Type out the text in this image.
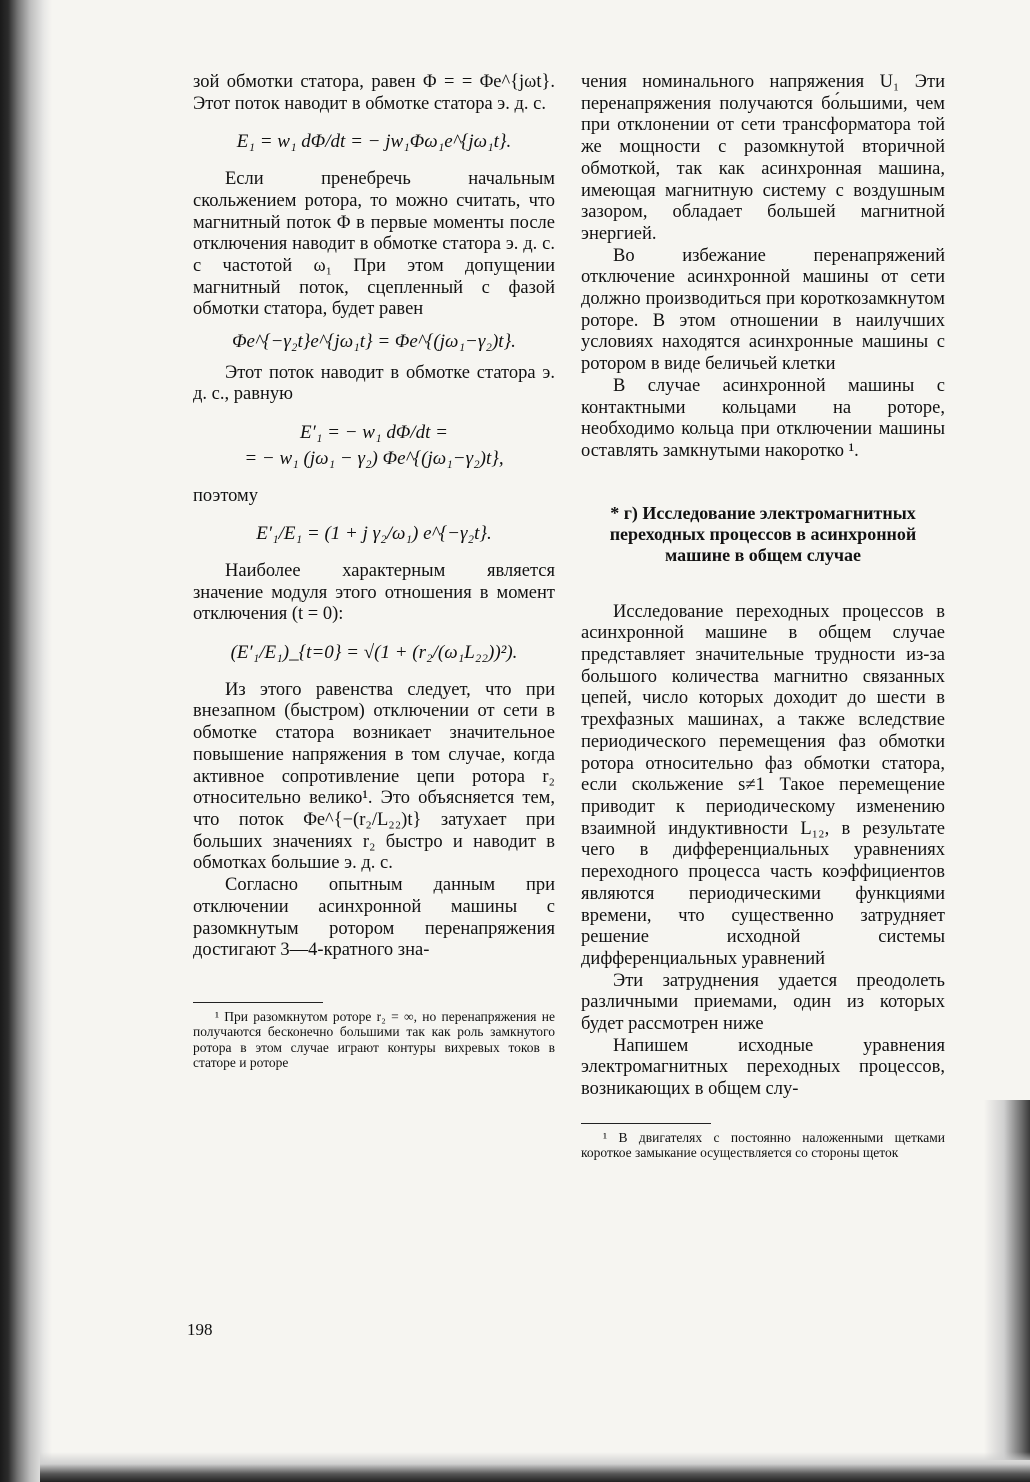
зой обмотки статора, равен Φ = = Φe^{jωt}. Этот поток наводит в обмотке статора э. д. с.

E₁ = w₁ dΦ/dt = − jw₁Φω₁e^{jω₁t}.

Если пренебречь начальным скольжением ротора, то можно считать, что магнитный поток Φ в первые моменты после отключения наводит в обмотке статора э. д. с. с частотой ω₁ При этом допущении магнитный поток, сцепленный с фазой обмотки статора, будет равен

Φe^{−γ₂t}e^{jω₁t} = Φe^{(jω₁−γ₂)t}.

Этот поток наводит в обмотке статора э. д. с., равную

E′₁ = − w₁ dΦ/dt =
= − w₁ (jω₁ − γ₂) Φe^{(jω₁−γ₂)t},

поэтому

E′₁/E₁ = (1 + j γ₂/ω₁) e^{−γ₂t}.

Наиболее характерным является значение модуля этого отношения в момент отключения (t = 0):

(E′₁/E₁)_{t=0} = √(1 + (r₂/(ω₁L₂₂))²).

Из этого равенства следует, что при внезапном (быстром) отключении от сети в обмотке статора возникает значительное повышение напряжения в том случае, когда активное сопротивление цепи ротора r₂ относительно велико¹. Это объясняется тем, что поток Φe^{−(r₂/L₂₂)t} затухает при больших значениях r₂ быстро и наводит в обмотках большие э. д. с.

Согласно опытным данным при отключении асинхронной машины с разомкнутым ротором перенапряжения достигают 3—4-кратного зна-

¹ При разомкнутом роторе r₂ = ∞, но перенапряжения не получаются бесконечно большими так как роль замкнутого ротора в этом случае играют контуры вихревых токов в статоре и роторе

чения номинального напряжения U₁ Эти перенапряжения получаются бо́льшими, чем при отклонении от сети трансформатора той же мощности с разомкнутой вторичной обмоткой, так как асинхронная машина, имеющая магнитную систему с воздушным зазором, обладает большей магнитной энергией.

Во избежание перенапряжений отключение асинхронной машины от сети должно производиться при короткозамкнутом роторе. В этом отношении в наилучших условиях находятся асинхронные машины с ротором в виде беличьей клетки

В случае асинхронной машины с контактными кольцами на роторе, необходимо кольца при отключении машины оставлять замкнутыми накоротко ¹.

* г) Исследование электромагнитных переходных процессов в асинхронной машине в общем случае

Исследование переходных процессов в асинхронной машине в общем случае представляет значительные трудности из-за большого количества магнитно связанных цепей, число которых доходит до шести в трехфазных машинах, а также вследствие периодического перемещения фаз обмотки ротора относительно фаз обмотки статора, если скольжение s≠1 Такое перемещение приводит к периодическому изменению взаимной индуктивности L₁₂, в результате чего в дифференциальных уравнениях переходного процесса часть коэффициентов являются периодическими функциями времени, что существенно затрудняет решение исходной системы дифференциальных уравнений

Эти затруднения удается преодолеть различными приемами, один из которых будет рассмотрен ниже

Напишем исходные уравнения электромагнитных переходных процессов, возникающих в общем слу-

¹ В двигателях с постоянно наложенными щетками короткое замыкание осуществляется со стороны щеток

198
